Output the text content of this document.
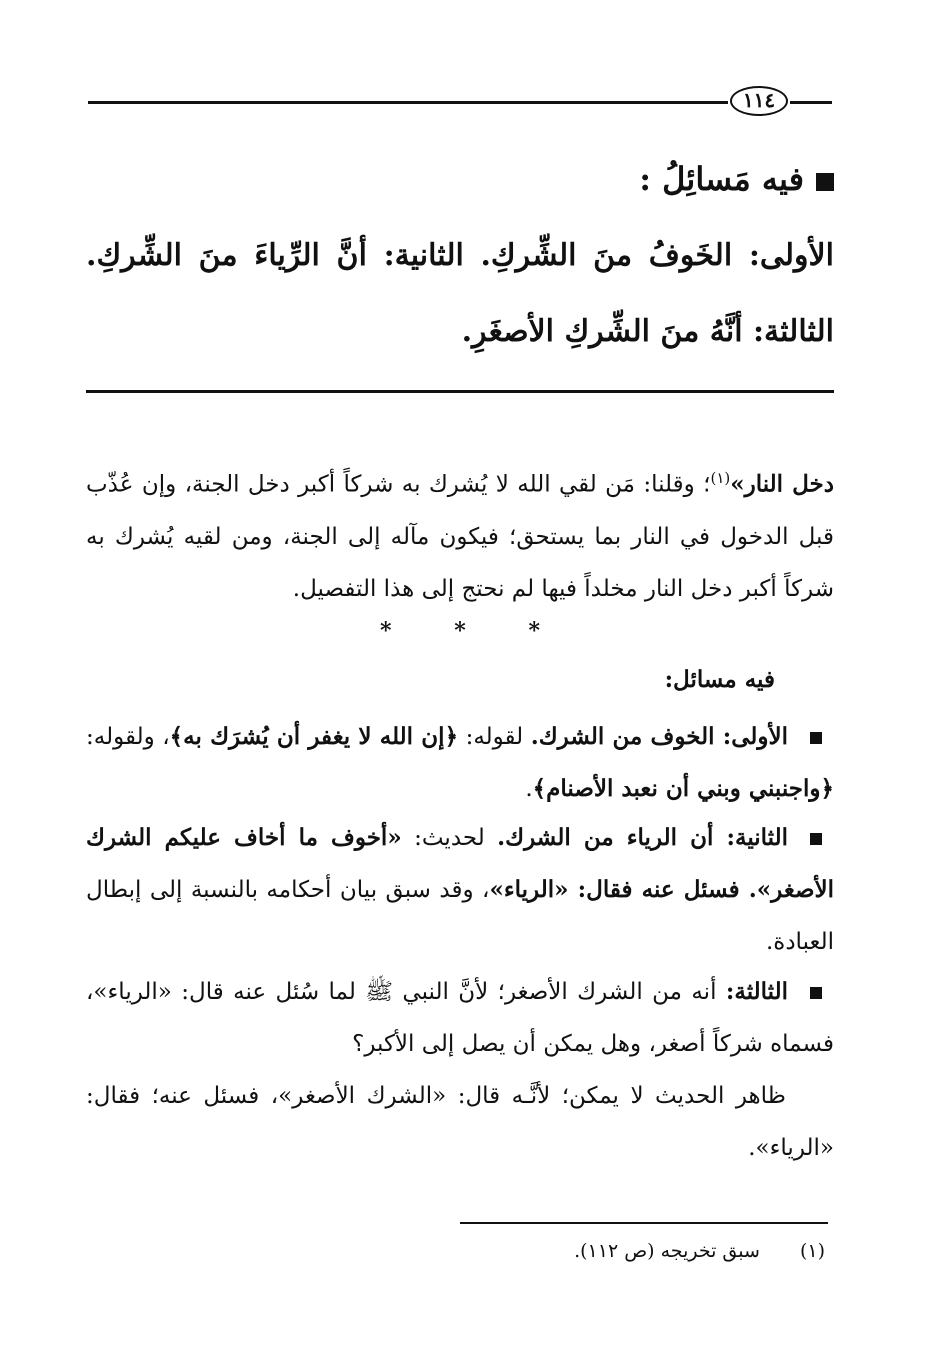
١١٤
فيه مَسائِلُ :
الأولى: الخَوفُ منَ الشِّركِ. الثانية: أنَّ الرِّياءَ منَ الشِّركِ. الثالثة: أنَّهُ منَ الشِّركِ الأصغَرِ.
دخل النار»$^{(١)}$؛ وقلنا: مَن لقي الله لا يُشرك به شركاً أكبر دخل الجنة، وإن عُذّب قبل الدخول في النار بما يستحق؛ فيكون مآله إلى الجنة، ومن لقيه يُشرك به شركاً أكبر دخل النار مخلداً فيها لم نحتج إلى هذا التفصيل.
*
*
*
فيه مسائل:
الأولى: الخوف من الشرك. لقوله: ﴿إن الله لا يغفر أن يُشرَك به﴾، ولقوله: ﴿واجنبني وبني أن نعبد الأصنام﴾.
الثانية: أن الرياء من الشرك. لحديث: «أخوف ما أخاف عليكم الشرك الأصغر». فسئل عنه فقال: «الرياء»، وقد سبق بيان أحكامه بالنسبة إلى إبطال العبادة.
الثالثة: أنه من الشرك الأصغر؛ لأنَّ النبي ﷺ لما سُئل عنه قال: «الرياء»، فسماه شركاً أصغر، وهل يمكن أن يصل إلى الأكبر؟
ظاهر الحديث لا يمكن؛ لأنَّـه قال: «الشرك الأصغر»، فسئل عنه؛ فقال: «الرياء».
(١)سبق تخريجه (ص ١١٢).
